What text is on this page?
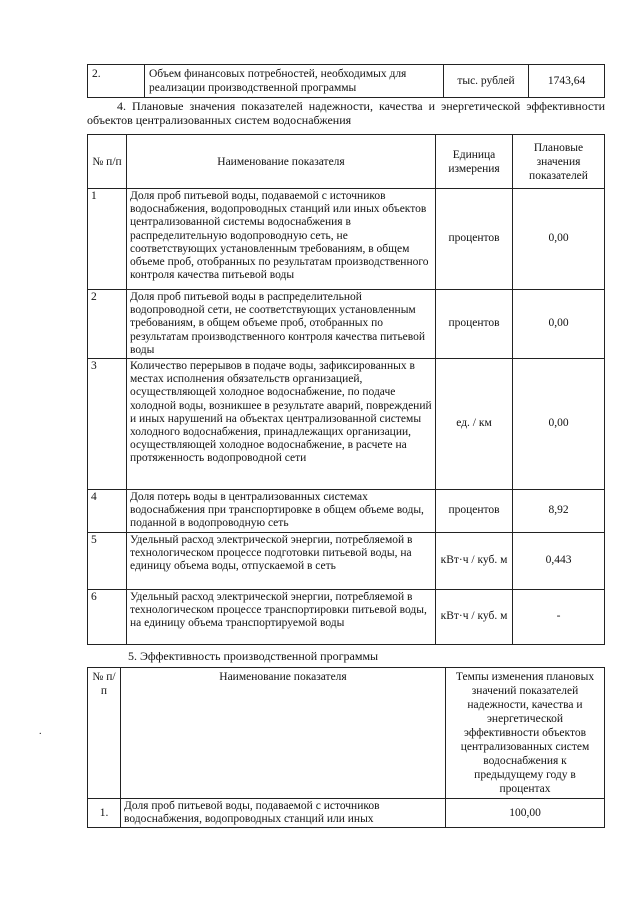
2.	Объем финансовых потребностей, необходимых для реализации производственной программы	тыс. рублей	1743,64
4. Плановые значения показателей надежности, качества и энергетической эффективности объектов централизованных систем водоснабжения
№ п/п	Наименование показателя	Единица измерения	Плановые значения показателей
1	Доля проб питьевой воды, подаваемой с источников водоснабжения, водопроводных станций или иных объектов централизованной системы водоснабжения в распределительную водопроводную сеть, не соответствующих установленным требованиям, в общем объеме проб, отобранных по результатам производственного контроля качества питьевой воды	процентов	0,00
2	Доля проб питьевой воды в распределительной водопроводной сети, не соответствующих установленным требованиям, в общем объеме проб, отобранных по результатам производственного контроля качества питьевой воды	процентов	0,00
3	Количество перерывов в подаче воды, зафиксированных в местах исполнения обязательств организацией, осуществляющей холодное водоснабжение, по подаче холодной воды, возникшее в результате аварий, повреждений и иных нарушений на объектах централизованной системы холодного водоснабжения, принадлежащих организации, осуществляющей холодное водоснабжение, в расчете на протяженность водопроводной сети	ед. / км	0,00
4	Доля потерь воды в централизованных системах водоснабжения при транспортировке в общем объеме воды, поданной в водопроводную сеть	процентов	8,92
5	Удельный расход электрической энергии, потребляемой в технологическом процессе подготовки питьевой воды, на единицу объема воды, отпускаемой в сеть	кВт·ч / куб. м	0,443
6	Удельный расход электрической энергии, потребляемой в технологическом процессе транспортировки питьевой воды, на единицу объема транспортируемой воды	кВт·ч / куб. м	-
5. Эффективность производственной программы
№ п/п	Наименование показателя	Темпы изменения плановых значений показателей надежности, качества и энергетической эффективности объектов централизованных систем водоснабжения к предыдущему году в процентах
1.	Доля проб питьевой воды, подаваемой с источников водоснабжения, водопроводных станций или иных	100,00
.
